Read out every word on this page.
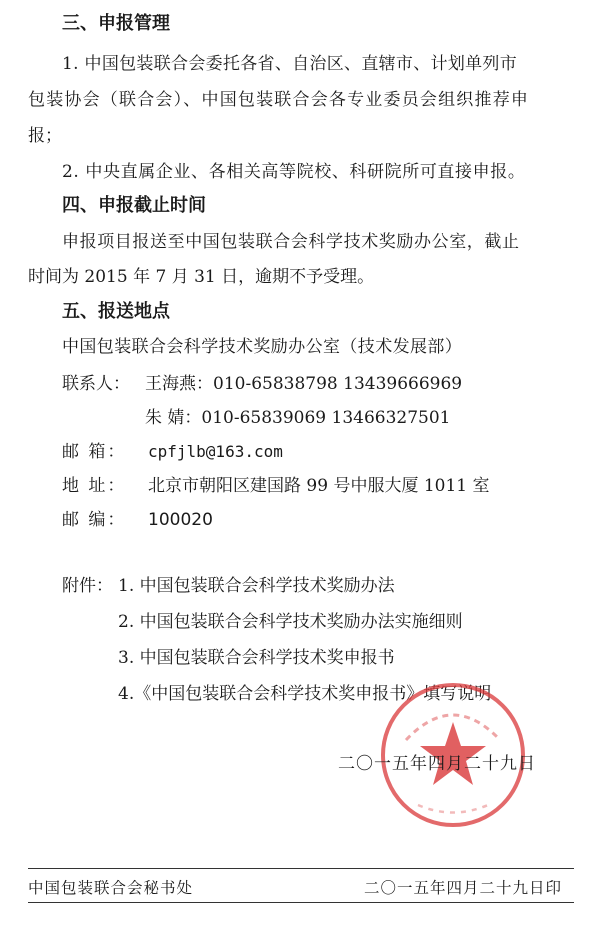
三、申报管理
1. 中国包装联合会委托各省、自治区、直辖市、计划单列市
包装协会（联合会）、中国包装联合会各专业委员会组织推荐申
报；
2. 中央直属企业、各相关高等院校、科研院所可直接申报。
四、申报截止时间
申报项目报送至中国包装联合会科学技术奖励办公室，截止
时间为 2015 年 7 月 31 日，逾期不予受理。
五、报送地点
中国包装联合会科学技术奖励办公室（技术发展部）
联系人： 王海燕：010-65838798 13439666969
朱 婧：010-65839069 13466327501
邮 箱： cpfjlb@163.com
地 址： 北京市朝阳区建国路 99 号中服大厦 1011 室
邮 编： 100020
附件： 1. 中国包装联合会科学技术奖励办法
2. 中国包装联合会科学技术奖励办法实施细则
3. 中国包装联合会科学技术奖申报书
4.《中国包装联合会科学技术奖申报书》填写说明
二〇一五年四月二十九日
中国包装联合会秘书处	二〇一五年四月二十九日印
